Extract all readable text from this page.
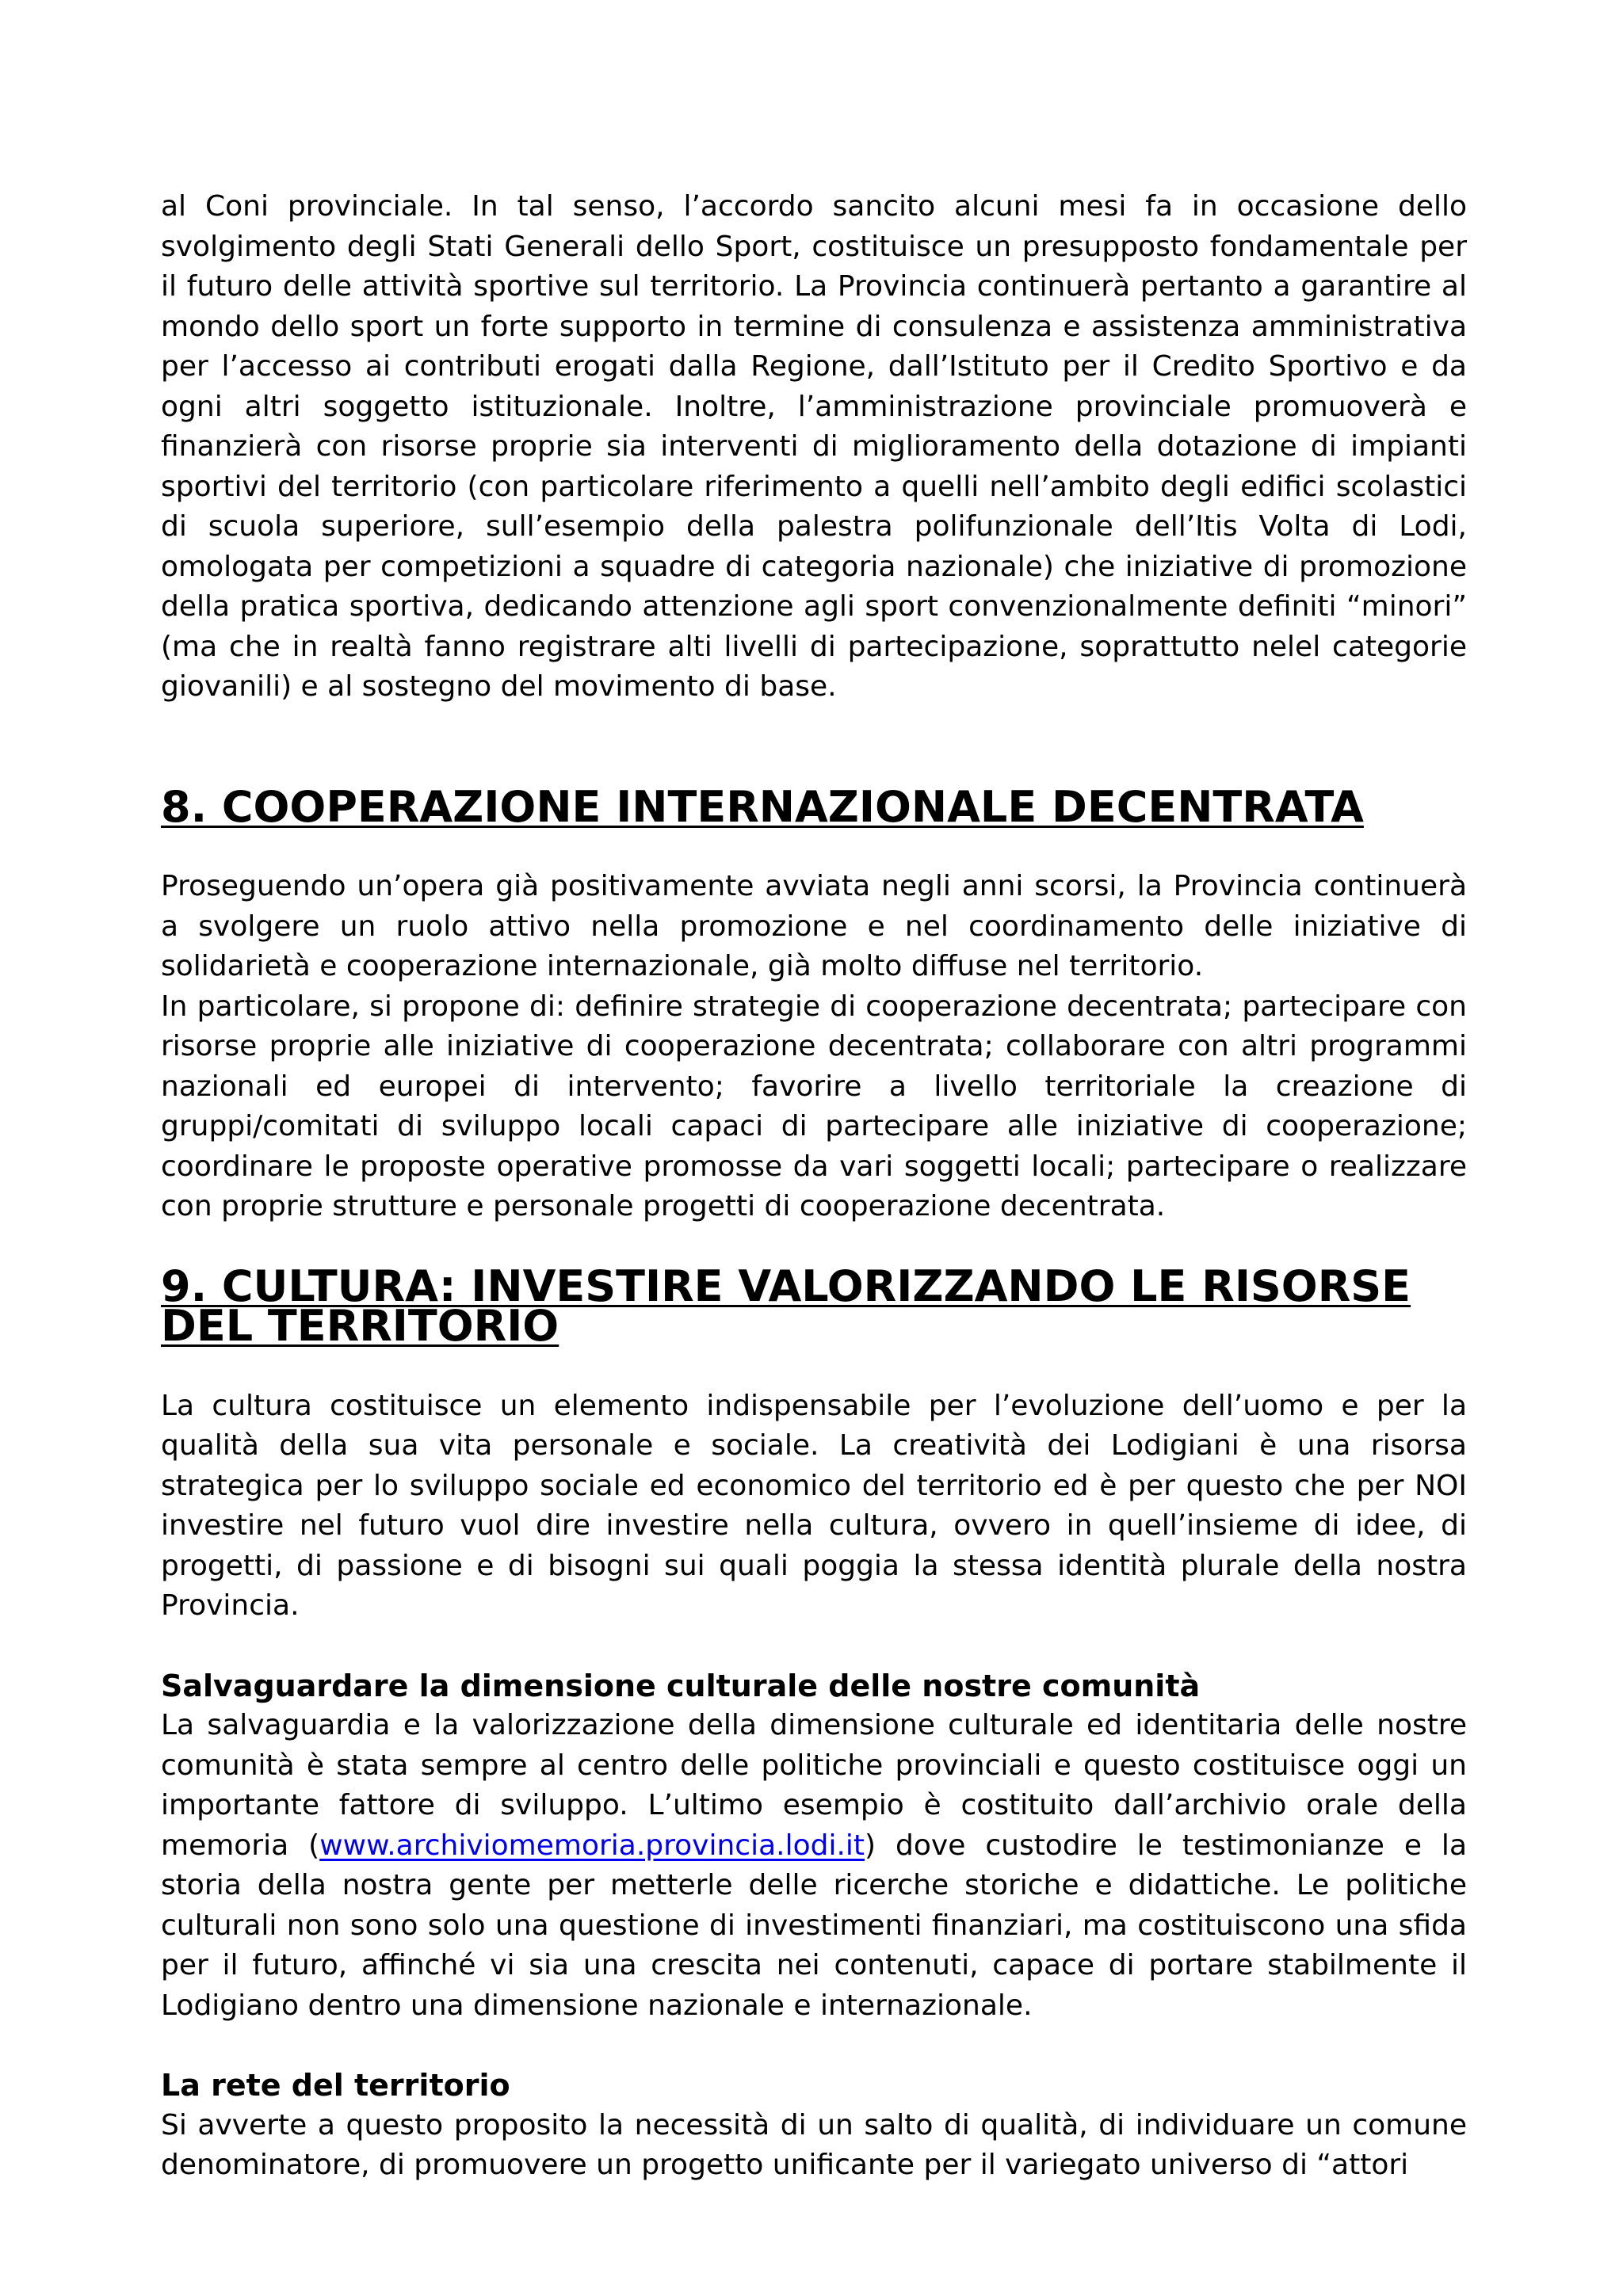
al Coni provinciale. In tal senso, l’accordo sancito alcuni mesi fa in occasione dello svolgimento degli Stati Generali dello Sport, costituisce un presupposto fondamentale per il futuro delle attività sportive sul territorio. La Provincia continuerà pertanto a garantire al mondo dello sport un forte supporto in termine di consulenza e assistenza amministrativa per l’accesso ai contributi erogati dalla Regione, dall’Istituto per il Credito Sportivo e da ogni altri soggetto istituzionale. Inoltre, l’amministrazione provinciale promuoverà e finanzierà con risorse proprie sia interventi di miglioramento della dotazione di impianti sportivi del territorio (con particolare riferimento a quelli nell’ambito degli edifici scolastici di scuola superiore, sull’esempio della palestra polifunzionale dell’Itis Volta di Lodi, omologata per competizioni a squadre di categoria nazionale) che iniziative di promozione della pratica sportiva, dedicando attenzione agli sport convenzionalmente definiti “minori” (ma che in realtà fanno registrare alti livelli di partecipazione, soprattutto nelel categorie giovanili) e al sostegno del movimento di base.

8. COOPERAZIONE INTERNAZIONALE DECENTRATA

Proseguendo un’opera già positivamente avviata negli anni scorsi, la Provincia continuerà a svolgere un ruolo attivo nella promozione e nel coordinamento delle iniziative di solidarietà e cooperazione internazionale, già molto diffuse nel territorio.

In particolare, si propone di: definire strategie di cooperazione decentrata; partecipare con risorse proprie alle iniziative di cooperazione decentrata; collaborare con altri programmi nazionali ed europei di intervento; favorire a livello territoriale la creazione di gruppi/comitati di sviluppo locali capaci di partecipare alle iniziative di cooperazione; coordinare le proposte operative promosse da vari soggetti locali; partecipare o realizzare con proprie strutture e personale progetti di cooperazione decentrata.

9. CULTURA: INVESTIRE VALORIZZANDO LE RISORSE DEL TERRITORIO

La cultura costituisce un elemento indispensabile per l’evoluzione dell’uomo e per la qualità della sua vita personale e sociale. La creatività dei Lodigiani è una risorsa strategica per lo sviluppo sociale ed economico del territorio ed è per questo che per NOI investire nel futuro vuol dire investire nella cultura, ovvero in quell’insieme di idee, di progetti, di passione e di bisogni sui quali poggia la stessa identità plurale della nostra Provincia.

Salvaguardare la dimensione culturale delle nostre comunità

La salvaguardia e la valorizzazione della dimensione culturale ed identitaria delle nostre comunità è stata sempre al centro delle politiche provinciali e questo costituisce oggi un importante fattore di sviluppo. L’ultimo esempio è costituito dall’archivio orale della memoria (www.archiviomemoria.provincia.lodi.it) dove custodire le testimonianze e la storia della nostra gente per metterle delle ricerche storiche e didattiche. Le politiche culturali non sono solo una questione di investimenti finanziari, ma costituiscono una sfida per il futuro, affinché vi sia una crescita nei contenuti, capace di portare stabilmente il Lodigiano dentro una dimensione nazionale e internazionale.

La rete del territorio

Si avverte a questo proposito la necessità di un salto di qualità, di individuare un comune denominatore, di promuovere un progetto unificante per il variegato universo di “attori
